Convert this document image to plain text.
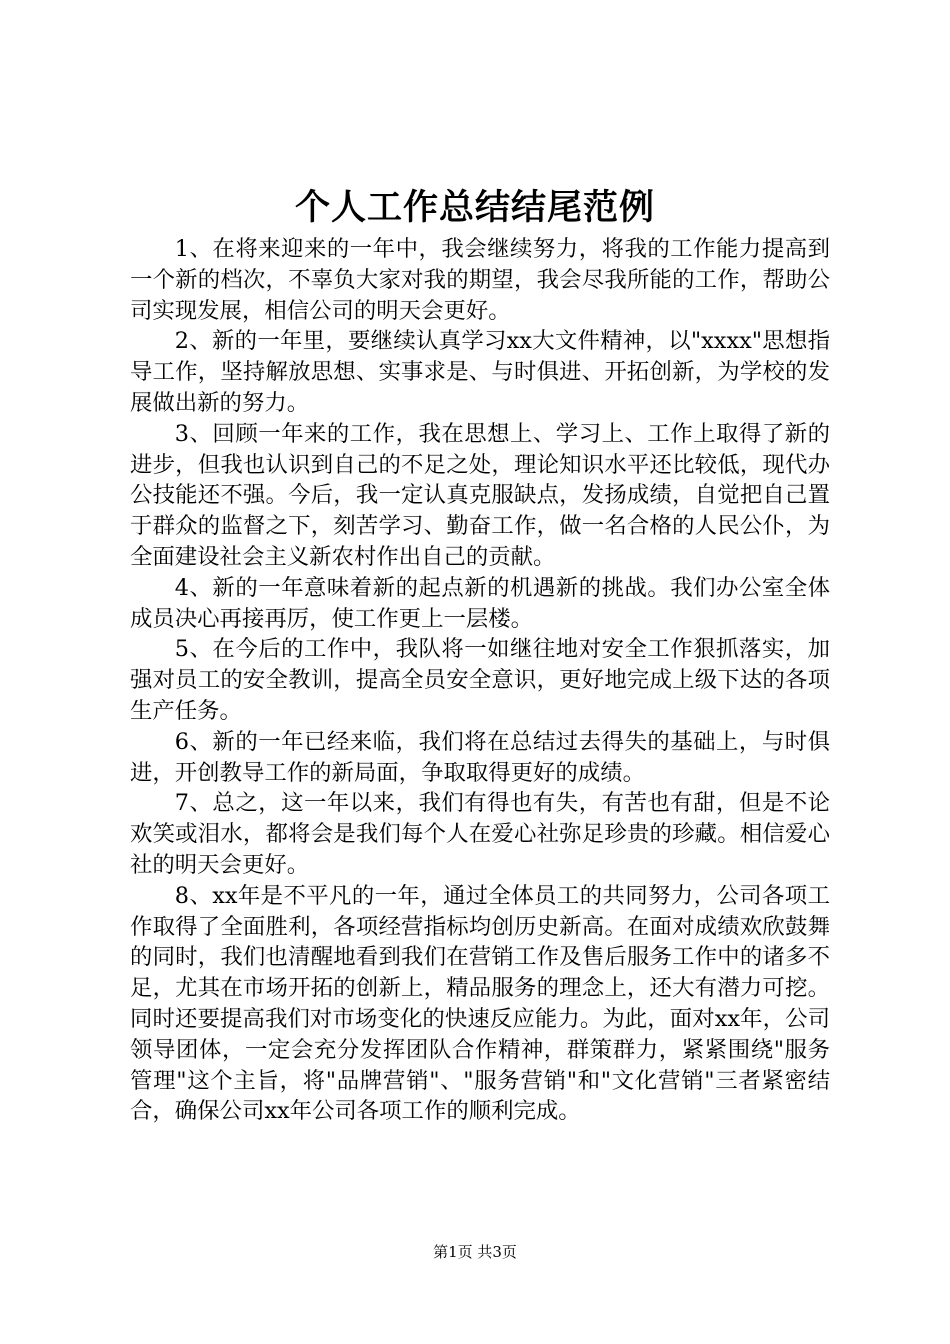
个人工作总结结尾范例

1、在将来迎来的一年中，我会继续努力，将我的工作能力提高到一个新的档次，不辜负大家对我的期望，我会尽我所能的工作，帮助公司实现发展，相信公司的明天会更好。

2、新的一年里，要继续认真学习xx大文件精神，以"xxxx"思想指导工作，坚持解放思想、实事求是、与时俱进、开拓创新，为学校的发展做出新的努力。

3、回顾一年来的工作，我在思想上、学习上、工作上取得了新的进步，但我也认识到自己的不足之处，理论知识水平还比较低，现代办公技能还不强。今后，我一定认真克服缺点，发扬成绩，自觉把自己置于群众的监督之下，刻苦学习、勤奋工作，做一名合格的人民公仆，为全面建设社会主义新农村作出自己的贡献。

4、新的一年意味着新的起点新的机遇新的挑战。我们办公室全体成员决心再接再厉，使工作更上一层楼。

5、在今后的工作中，我队将一如继往地对安全工作狠抓落实，加强对员工的安全教训，提高全员安全意识，更好地完成上级下达的各项生产任务。

6、新的一年已经来临，我们将在总结过去得失的基础上，与时俱进，开创教导工作的新局面，争取取得更好的成绩。

7、总之，这一年以来，我们有得也有失，有苦也有甜，但是不论欢笑或泪水，都将会是我们每个人在爱心社弥足珍贵的珍藏。相信爱心社的明天会更好。

8、xx年是不平凡的一年，通过全体员工的共同努力，公司各项工作取得了全面胜利，各项经营指标均创历史新高。在面对成绩欢欣鼓舞的同时，我们也清醒地看到我们在营销工作及售后服务工作中的诸多不足，尤其在市场开拓的创新上，精品服务的理念上，还大有潜力可挖。同时还要提高我们对市场变化的快速反应能力。为此，面对xx年，公司领导团体，一定会充分发挥团队合作精神，群策群力，紧紧围绕"服务管理"这个主旨，将"品牌营销"、"服务营销"和"文化营销"三者紧密结合，确保公司xx年公司各项工作的顺利完成。

第1页 共3页
